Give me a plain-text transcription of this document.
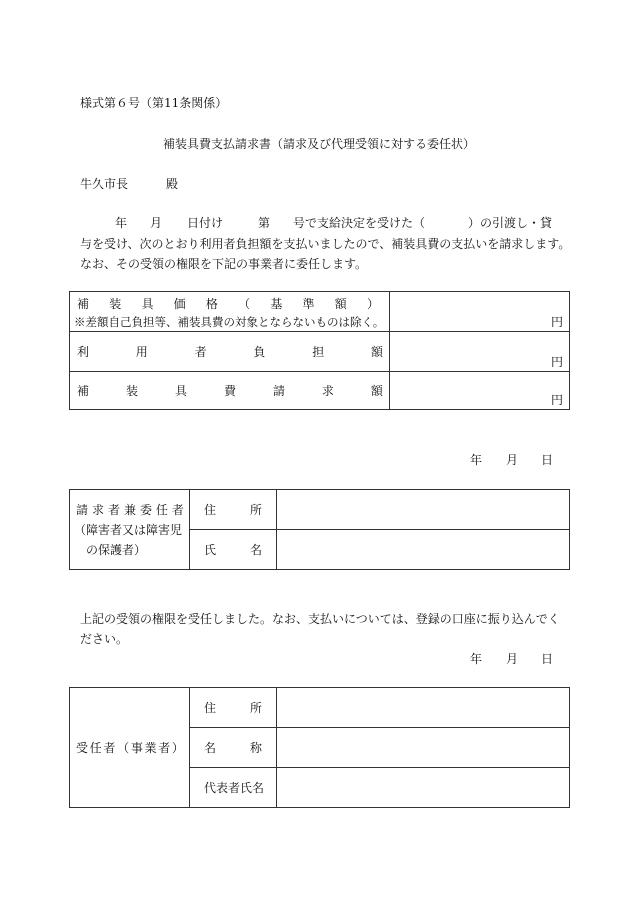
様式第６号（第11条関係）
補装具費支払請求書（請求及び代理受領に対する委任状）
牛久市長	殿
年 月 日付け	第 号で支給決定を受けた（	）の引渡し・貸
与を受け、次のとおり利用者負担額を支払いましたので、補装具費の支払いを請求します。
なお、その受領の権限を下記の事業者に委任します。
補 装 具 価 格 （ 基 準 額 ）
※差額自己負担等、補装具費の対象とならないものは除く。	円
利	用	者	負	担	額
円
補	装	具	費	請	求	額
円
年 月 日
請 求 者 兼 委 任 者
（障害者又は障害児
の保護者）
住	所
氏	名
上記の受領の権限を受任しました。なお、支払いについては、登録の口座に振り込んでく
ださい。
年 月 日
受 任 者 （ 事 業 者 ）
住	所
名	称
代表者氏名
